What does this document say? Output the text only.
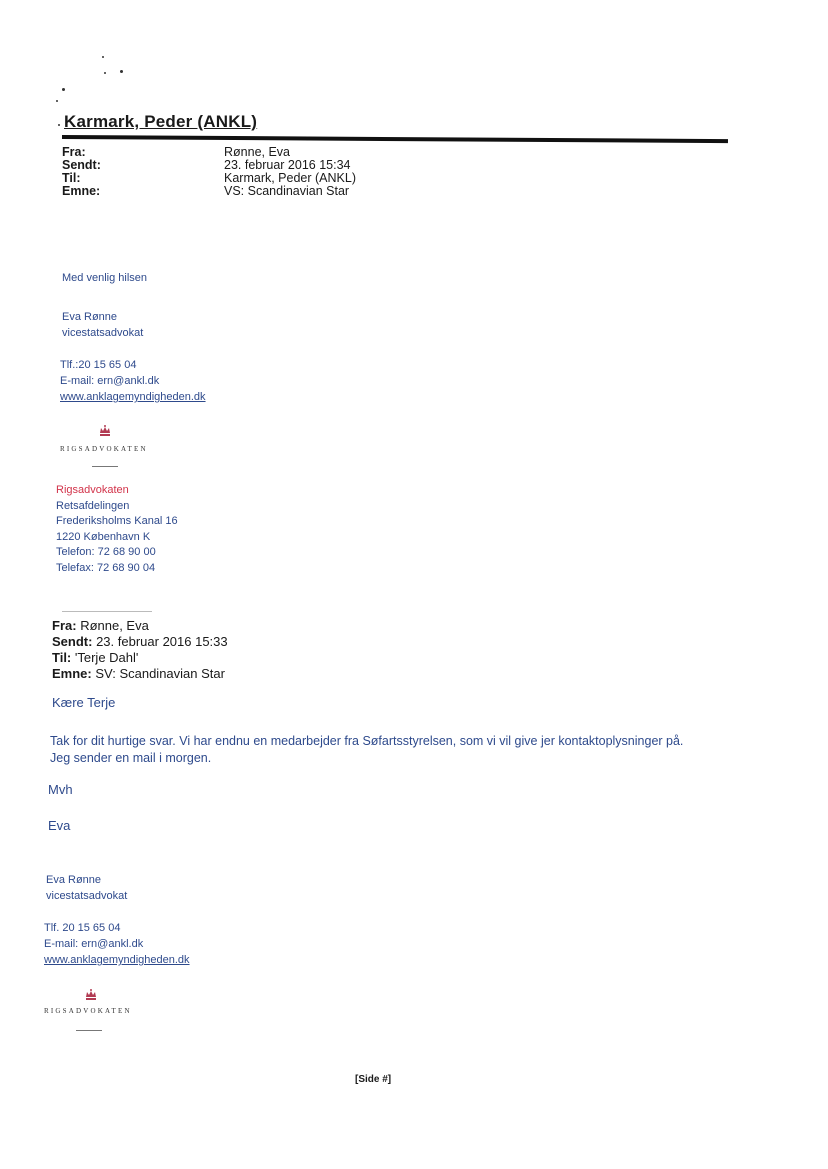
Karmark, Peder (ANKL)
Fra:	Rønne, Eva
Sendt:	23. februar 2016 15:34
Til:	Karmark, Peder (ANKL)
Emne:	VS: Scandinavian Star
Med venlig hilsen
Eva Rønne
vicestatsadvokat
Tlf.:20 15 65 04
E-mail: ern@ankl.dk
www.anklagemyndigheden.dk
RIGSADVOKATEN
Rigsadvokaten
Retsafdelingen
Frederiksholms Kanal 16
1220 København K
Telefon: 72 68 90 00
Telefax: 72 68 90 04
Fra: Rønne, Eva
Sendt: 23. februar 2016 15:33
Til: 'Terje Dahl'
Emne: SV: Scandinavian Star
Kære Terje
Tak for dit hurtige svar. Vi har endnu en medarbejder fra Søfartsstyrelsen, som vi vil give jer kontaktoplysninger på.
Jeg sender en mail i morgen.
Mvh
Eva
Eva Rønne
vicestatsadvokat
Tlf. 20 15 65 04
E-mail: ern@ankl.dk
www.anklagemyndigheden.dk
RIGSADVOKATEN
[Side #]
